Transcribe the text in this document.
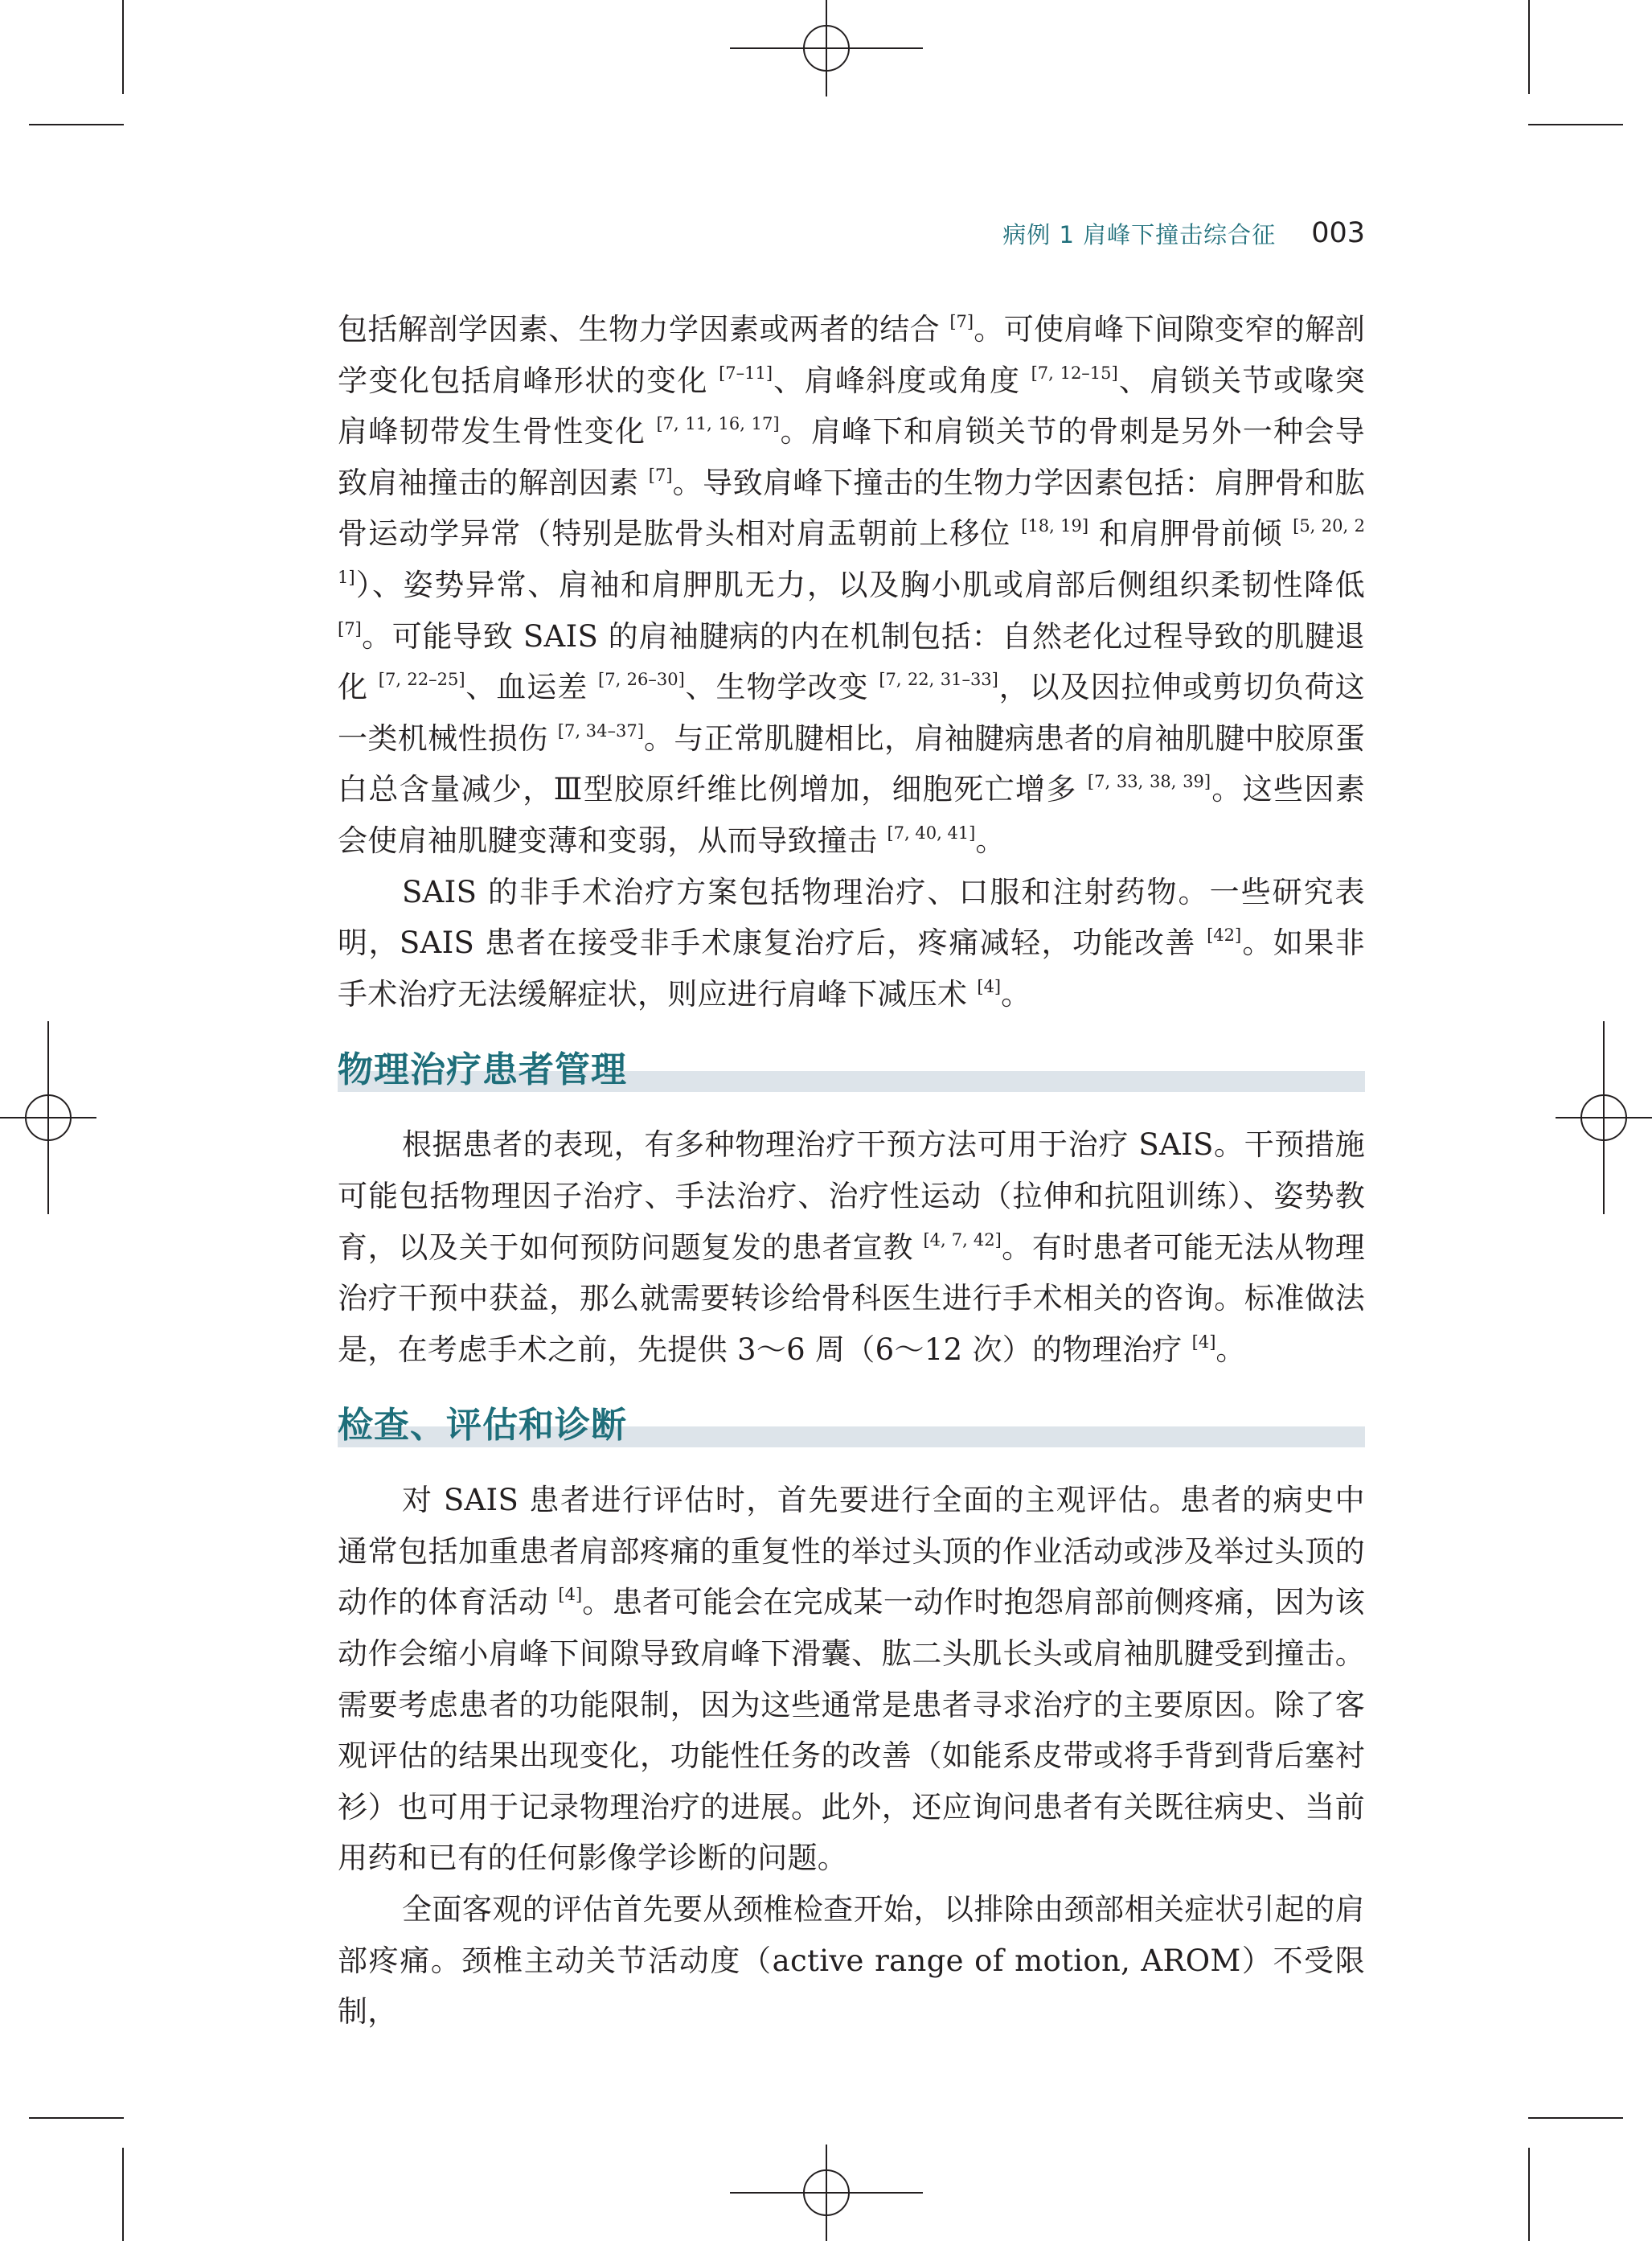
病例 1 肩峰下撞击综合征 003

包括解剖学因素、生物力学因素或两者的结合 [7]。可使肩峰下间隙变窄的解剖学变化包括肩峰形状的变化 [7–11]、肩峰斜度或角度 [7, 12–15]、肩锁关节或喙突肩峰韧带发生骨性变化 [7, 11, 16, 17]。肩峰下和肩锁关节的骨刺是另外一种会导致肩袖撞击的解剖因素 [7]。导致肩峰下撞击的生物力学因素包括：肩胛骨和肱骨运动学异常（特别是肱骨头相对肩盂朝前上移位 [18, 19] 和肩胛骨前倾 [5, 20, 21]）、姿势异常、肩袖和肩胛肌无力，以及胸小肌或肩部后侧组织柔韧性降低 [7]。可能导致 SAIS 的肩袖腱病的内在机制包括：自然老化过程导致的肌腱退化 [7, 22–25]、血运差 [7, 26–30]、生物学改变 [7, 22, 31–33]，以及因拉伸或剪切负荷这一类机械性损伤 [7, 34–37]。与正常肌腱相比，肩袖腱病患者的肩袖肌腱中胶原蛋白总含量减少，Ⅲ型胶原纤维比例增加，细胞死亡增多 [7, 33, 38, 39]。这些因素会使肩袖肌腱变薄和变弱，从而导致撞击 [7, 40, 41]。

SAIS 的非手术治疗方案包括物理治疗、口服和注射药物。一些研究表明，SAIS 患者在接受非手术康复治疗后，疼痛减轻，功能改善 [42]。如果非手术治疗无法缓解症状，则应进行肩峰下减压术 [4]。

物理治疗患者管理

根据患者的表现，有多种物理治疗干预方法可用于治疗 SAIS。干预措施可能包括物理因子治疗、手法治疗、治疗性运动（拉伸和抗阻训练）、姿势教育，以及关于如何预防问题复发的患者宣教 [4, 7, 42]。有时患者可能无法从物理治疗干预中获益，那么就需要转诊给骨科医生进行手术相关的咨询。标准做法是，在考虑手术之前，先提供 3～6 周（6～12 次）的物理治疗 [4]。

检查、评估和诊断

对 SAIS 患者进行评估时，首先要进行全面的主观评估。患者的病史中通常包括加重患者肩部疼痛的重复性的举过头顶的作业活动或涉及举过头顶的动作的体育活动 [4]。患者可能会在完成某一动作时抱怨肩部前侧疼痛，因为该动作会缩小肩峰下间隙导致肩峰下滑囊、肱二头肌长头或肩袖肌腱受到撞击。需要考虑患者的功能限制，因为这些通常是患者寻求治疗的主要原因。除了客观评估的结果出现变化，功能性任务的改善（如能系皮带或将手背到背后塞衬衫）也可用于记录物理治疗的进展。此外，还应询问患者有关既往病史、当前用药和已有的任何影像学诊断的问题。

全面客观的评估首先要从颈椎检查开始，以排除由颈部相关症状引起的肩部疼痛。颈椎主动关节活动度（active range of motion, AROM）不受限制，
